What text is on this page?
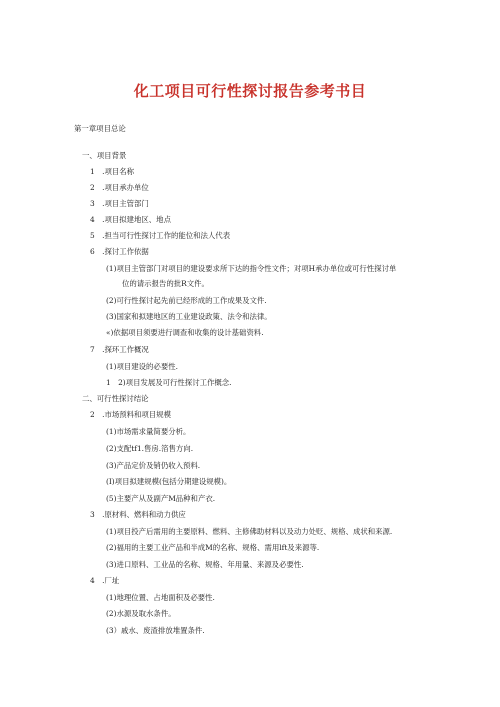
化工项目可行性探讨报告参考书目
第一章项目总论
一、项目背景
1　.项目名称
2　.项目承办单位
3　.项目主管部门
4　.项目拟建地区、地点
5　.担当可行性探讨工作的能位和法人代表
6　.探讨工作依据
(1)项目主管部门对项目的建设要求所下达的指令性文件；对项H承办单位或可行性探讨单
位的请示报告的批R文件。
(2)可行性探讨起先前已经形成的工作成果及文件.
(3)国家和拟建地区的工业建设政策、法令和法律。
«)依据项目须要进行调查和收集的设计基础资料.
7　.探环工作概况
(1)项目建设的必要性.
1　2)项目发展及可行性探讨工作概念.
二、可行性探讨结论
2　.市场预料和项目规模
(1)市场需求量简要分析。
(2)支配tf1.售房.箔售方向.
(3)产品定价及销仍收入预料.
(I)项目拟建规模(包括分期建设规模)。
(5)主要产从及副产M品种和产衣.
3　.原材料、燃料和动力供应
(1)项目投产后需用的主要原料、燃料、主修佛助材料以及动力处贬、规格、成状和来源.
(2)福用的主要工业产品和半成M的名称、规格、需用lft及来源等.
(3)进口原料、工业品的名称、规格、年用量、来源及必要性.
4　.厂址
(1)地理位置、占地面积及必要性.
(2)水源及取水条件。
(3）戚水、废渣排放堆置条件.
